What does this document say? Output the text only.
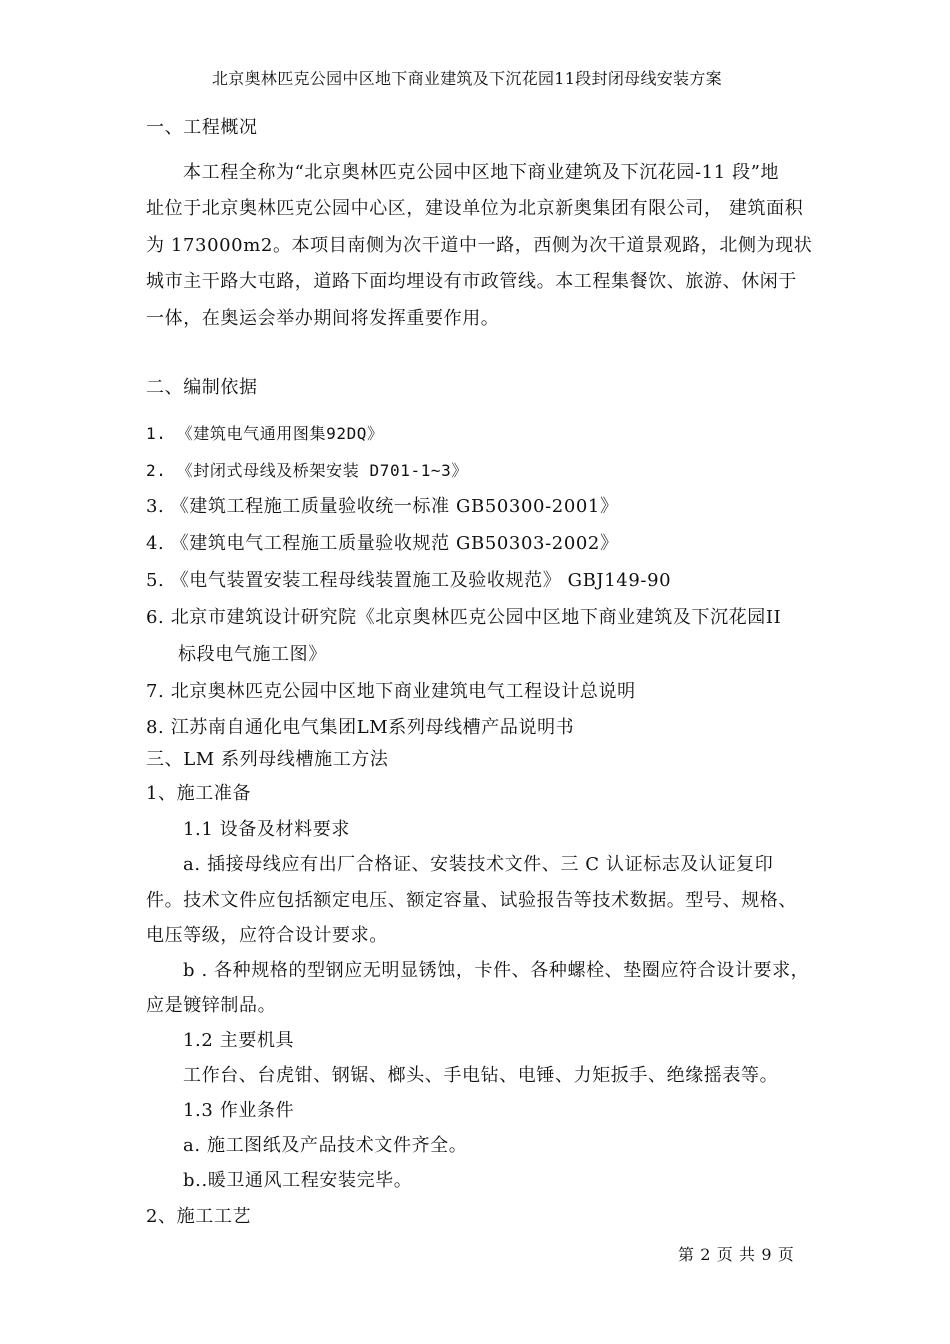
北京奥林匹克公园中区地下商业建筑及下沉花园11段封闭母线安装方案
一、工程概况
本工程全称为“北京奥林匹克公园中区地下商业建筑及下沉花园-11 段”地
址位于北京奥林匹克公园中心区，建设单位为北京新奥集团有限公司， 建筑面积
为 173000m2。本项目南侧为次干道中一路，西侧为次干道景观路，北侧为现状
城市主干路大屯路，道路下面均埋设有市政管线。本工程集餐饮、旅游、休闲于
一体，在奥运会举办期间将发挥重要作用。
二、编制依据
1. 《建筑电气通用图集92DQ》
2. 《封闭式母线及桥架安装 D701-1~3》
3. 《建筑工程施工质量验收统一标准 GB50300-2001》
4. 《建筑电气工程施工质量验收规范 GB50303-2002》
5. 《电气装置安装工程母线装置施工及验收规范》 GBJ149-90
6. 北京市建筑设计研究院《北京奥林匹克公园中区地下商业建筑及下沉花园II
标段电气施工图》
7. 北京奥林匹克公园中区地下商业建筑电气工程设计总说明
8. 江苏南自通化电气集团LM系列母线槽产品说明书
三、LM 系列母线槽施工方法
1、施工准备
1.1 设备及材料要求
a. 插接母线应有出厂合格证、安装技术文件、三 C 认证标志及认证复印
件。技术文件应包括额定电压、额定容量、试验报告等技术数据。型号、规格、
电压等级，应符合设计要求。
b . 各种规格的型钢应无明显锈蚀，卡件、各种螺栓、垫圈应符合设计要求，
应是镀锌制品。
1.2 主要机具
工作台、台虎钳、钢锯、榔头、手电钻、电锤、力矩扳手、绝缘摇表等。
1.3 作业条件
a. 施工图纸及产品技术文件齐全。
b..暖卫通风工程安装完毕。
2、施工工艺
第 2 页 共 9 页
